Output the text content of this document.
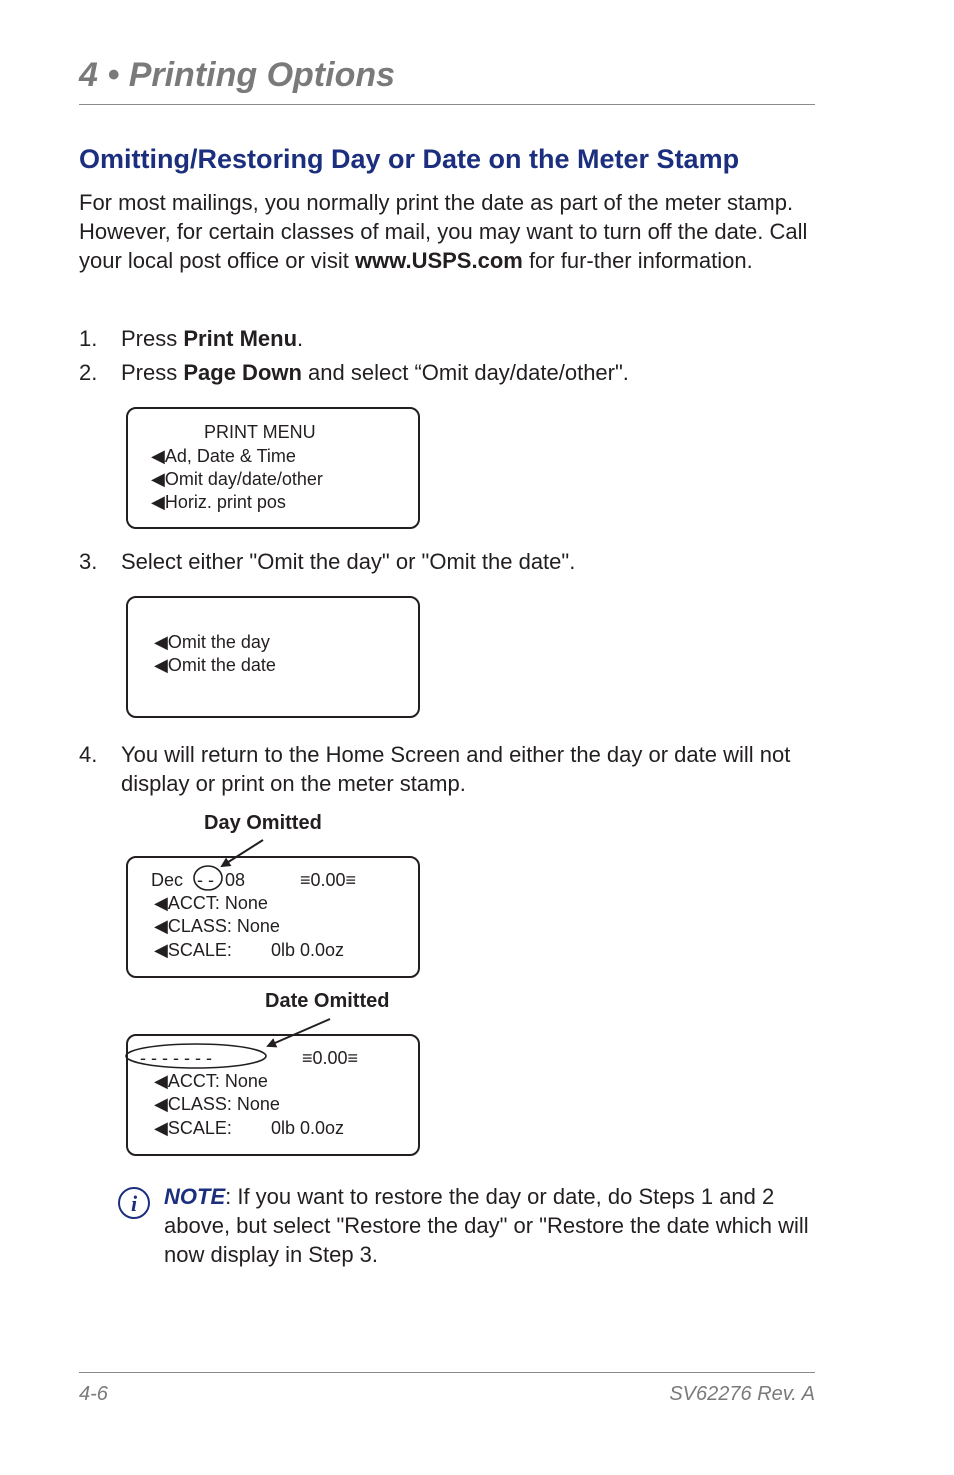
4 • Printing Options
Omitting/Restoring Day or Date on the Meter Stamp
For most mailings, you normally print the date as part of the meter stamp. However, for certain classes of mail, you may want to turn off the date. Call your local post office or visit www.USPS.com for fur-ther information.
1. Press Print Menu.
2. Press Page Down and select “Omit day/date/other".
PRINT MENU
◀Ad, Date & Time
◀Omit day/date/other
◀Horiz. print pos
3. Select either "Omit the day" or "Omit the date".
◀Omit the day
◀Omit the date
4. You will return to the Home Screen and either the day or date will not display or print on the meter stamp.
Day Omitted
Dec - - 08	≡0.00≡
◀ACCT: None
◀CLASS: None
◀SCALE: 0lb 0.0oz
Date Omitted
- - - - - - -	≡0.00≡
◀ACCT: None
◀CLASS: None
◀SCALE: 0lb 0.0oz
i NOTE: If you want to restore the day or date, do Steps 1 and 2 above, but select "Restore the day" or "Restore the date which will now display in Step 3.
4-6	SV62276 Rev. A
